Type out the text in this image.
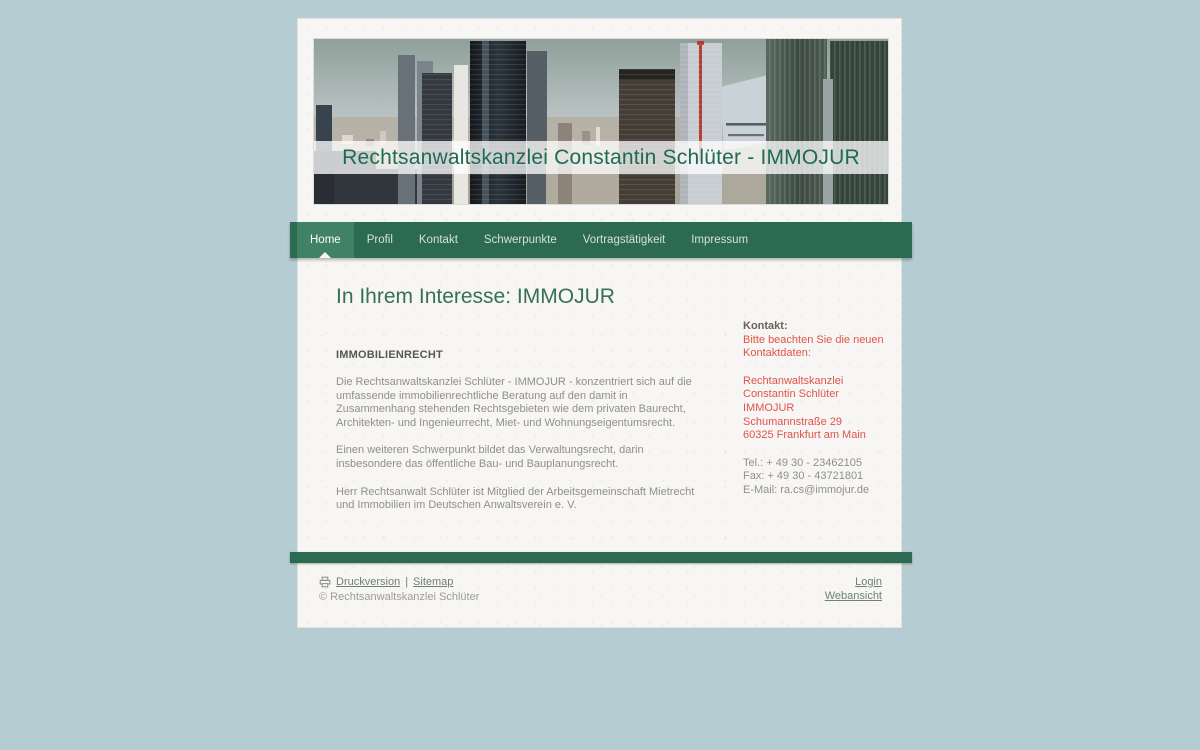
Rechtsanwaltskanzlei Constantin Schlüter - IMMOJUR
Home	Profil	Kontakt	Schwerpunkte	Vortragstätigkeit	Impressum
In Ihrem Interesse: IMMOJUR
IMMOBILIENRECHT

Die Rechtsanwaltskanzlei Schlüter - IMMOJUR - konzentriert sich auf die umfassende immobilienrechtliche Beratung auf den damit in Zusammenhang stehenden Rechtsgebieten wie dem privaten Baurecht, Architekten- und Ingenieurrecht, Miet- und Wohnungseigentumsrecht.

Einen weiteren Schwerpunkt bildet das Verwaltungsrecht, darin insbesondere das öffentliche Bau- und Bauplanungsrecht.

Herr Rechtsanwalt Schlüter ist Mitglied der Arbeitsgemeinschaft Mietrecht und Immobilien im Deutschen Anwaltsverein e. V.

Kontakt:
Bitte beachten Sie die neuen Kontaktdaten:
Rechtanwaltskanzlei
Constantin Schlüter
IMMOJUR
Schumannstraße 29
60325 Frankfurt am Main
Tel.: + 49 30 - 23462105
Fax: + 49 30 - 43721801
E-Mail: ra.cs@immojur.de
Druckversion | Sitemap
© Rechtsanwaltskanzlei Schlüter
Login
Webansicht
